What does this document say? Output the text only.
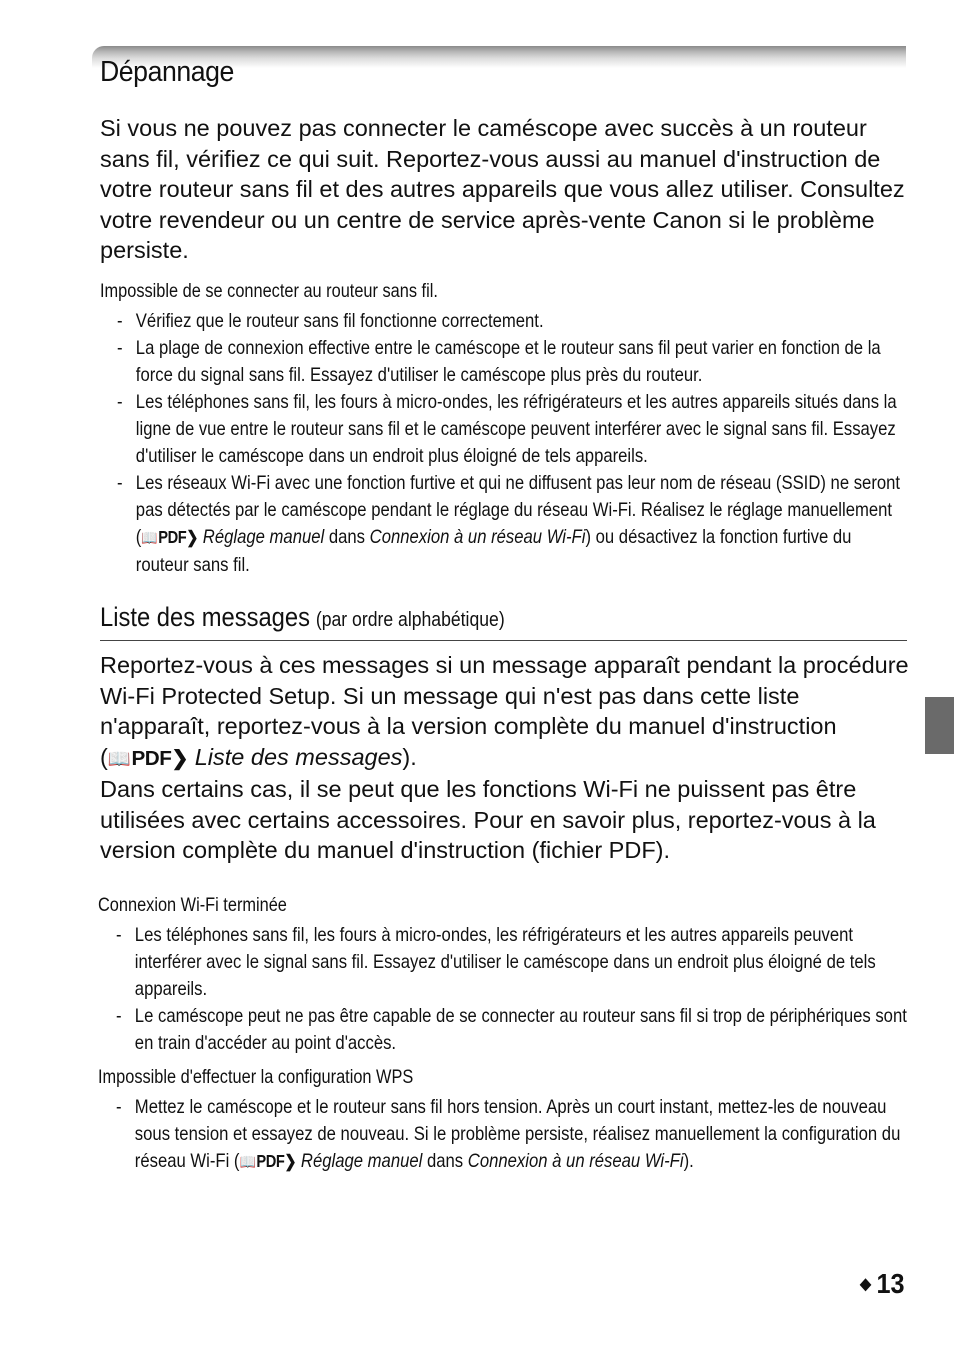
Dépannage

Si vous ne pouvez pas connecter le caméscope avec succès à un routeur sans fil, vérifiez ce qui suit. Reportez-vous aussi au manuel d'instruction de votre routeur sans fil et des autres appareils que vous allez utiliser. Consultez votre revendeur ou un centre de service après-vente Canon si le problème persiste.

Impossible de se connecter au routeur sans fil.
- Vérifiez que le routeur sans fil fonctionne correctement.
- La plage de connexion effective entre le caméscope et le routeur sans fil peut varier en fonction de la force du signal sans fil. Essayez d'utiliser le caméscope plus près du routeur.
- Les téléphones sans fil, les fours à micro-ondes, les réfrigérateurs et les autres appareils situés dans la ligne de vue entre le routeur sans fil et le caméscope peuvent interférer avec le signal sans fil. Essayez d'utiliser le caméscope dans un endroit plus éloigné de tels appareils.
- Les réseaux Wi-Fi avec une fonction furtive et qui ne diffusent pas leur nom de réseau (SSID) ne seront pas détectés par le caméscope pendant le réglage du réseau Wi-Fi. Réalisez le réglage manuellement (📖PDF❯ Réglage manuel dans Connexion à un réseau Wi-Fi) ou désactivez la fonction furtive du routeur sans fil.
Liste des messages (par ordre alphabétique)

Reportez-vous à ces messages si un message apparaît pendant la procédure Wi-Fi Protected Setup. Si un message qui n'est pas dans cette liste n'apparaît, reportez-vous à la version complète du manuel d'instruction (📖PDF❯ Liste des messages).
Dans certains cas, il se peut que les fonctions Wi-Fi ne puissent pas être utilisées avec certains accessoires. Pour en savoir plus, reportez-vous à la version complète du manuel d'instruction (fichier PDF).

Connexion Wi-Fi terminée
- Les téléphones sans fil, les fours à micro-ondes, les réfrigérateurs et les autres appareils peuvent interférer avec le signal sans fil. Essayez d'utiliser le caméscope dans un endroit plus éloigné de tels appareils.
- Le caméscope peut ne pas être capable de se connecter au routeur sans fil si trop de périphériques sont en train d'accéder au point d'accès.
Impossible d'effectuer la configuration WPS
- Mettez le caméscope et le routeur sans fil hors tension. Après un court instant, mettez-les de nouveau sous tension et essayez de nouveau. Si le problème persiste, réalisez manuellement la configuration du réseau Wi-Fi (📖PDF❯ Réglage manuel dans Connexion à un réseau Wi-Fi).
◆ 13
